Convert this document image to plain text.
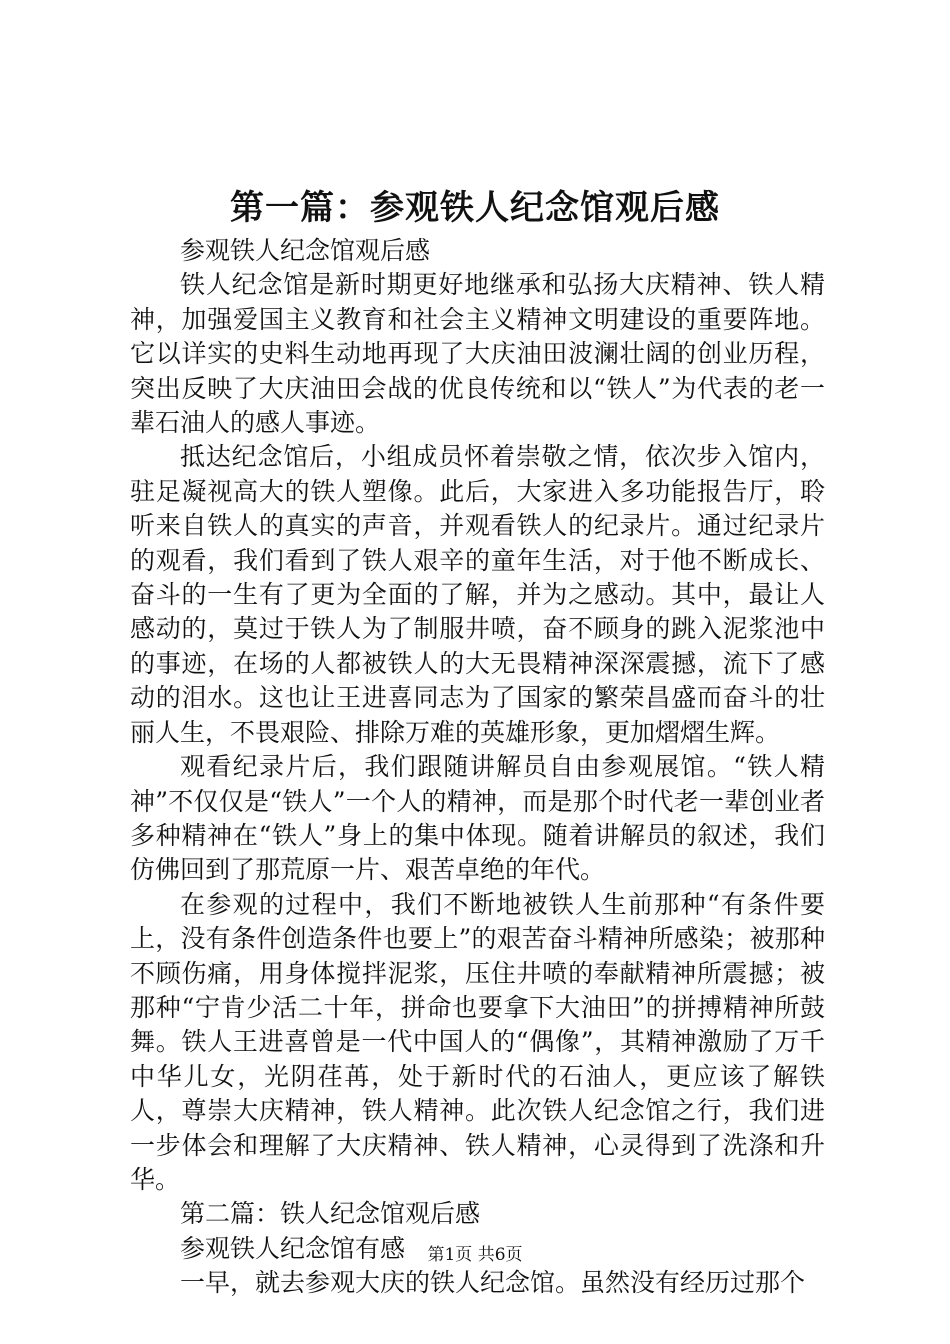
第一篇：参观铁人纪念馆观后感

参观铁人纪念馆观后感

铁人纪念馆是新时期更好地继承和弘扬大庆精神、铁人精神，加强爱国主义教育和社会主义精神文明建设的重要阵地。它以详实的史料生动地再现了大庆油田波澜壮阔的创业历程，突出反映了大庆油田会战的优良传统和以“铁人”为代表的老一辈石油人的感人事迹。

抵达纪念馆后，小组成员怀着崇敬之情，依次步入馆内，驻足凝视高大的铁人塑像。此后，大家进入多功能报告厅，聆听来自铁人的真实的声音，并观看铁人的纪录片。通过纪录片的观看，我们看到了铁人艰辛的童年生活，对于他不断成长、奋斗的一生有了更为全面的了解，并为之感动。其中，最让人感动的，莫过于铁人为了制服井喷，奋不顾身的跳入泥浆池中的事迹，在场的人都被铁人的大无畏精神深深震撼，流下了感动的泪水。这也让王进喜同志为了国家的繁荣昌盛而奋斗的壮丽人生，不畏艰险、排除万难的英雄形象，更加熠熠生辉。

观看纪录片后，我们跟随讲解员自由参观展馆。“铁人精神”不仅仅是“铁人”一个人的精神，而是那个时代老一辈创业者多种精神在“铁人”身上的集中体现。随着讲解员的叙述，我们仿佛回到了那荒原一片、艰苦卓绝的年代。

在参观的过程中，我们不断地被铁人生前那种“有条件要上，没有条件创造条件也要上”的艰苦奋斗精神所感染；被那种不顾伤痛，用身体搅拌泥浆，压住井喷的奉献精神所震撼；被那种“宁肯少活二十年，拼命也要拿下大油田”的拼搏精神所鼓舞。铁人王进喜曾是一代中国人的“偶像”，其精神激励了万千中华儿女，光阴荏苒，处于新时代的石油人，更应该了解铁人，尊崇大庆精神，铁人精神。此次铁人纪念馆之行，我们进一步体会和理解了大庆精神、铁人精神，心灵得到了洗涤和升华。

第二篇：铁人纪念馆观后感

参观铁人纪念馆有感

一早，就去参观大庆的铁人纪念馆。虽然没有经历过那个

第1页 共6页
